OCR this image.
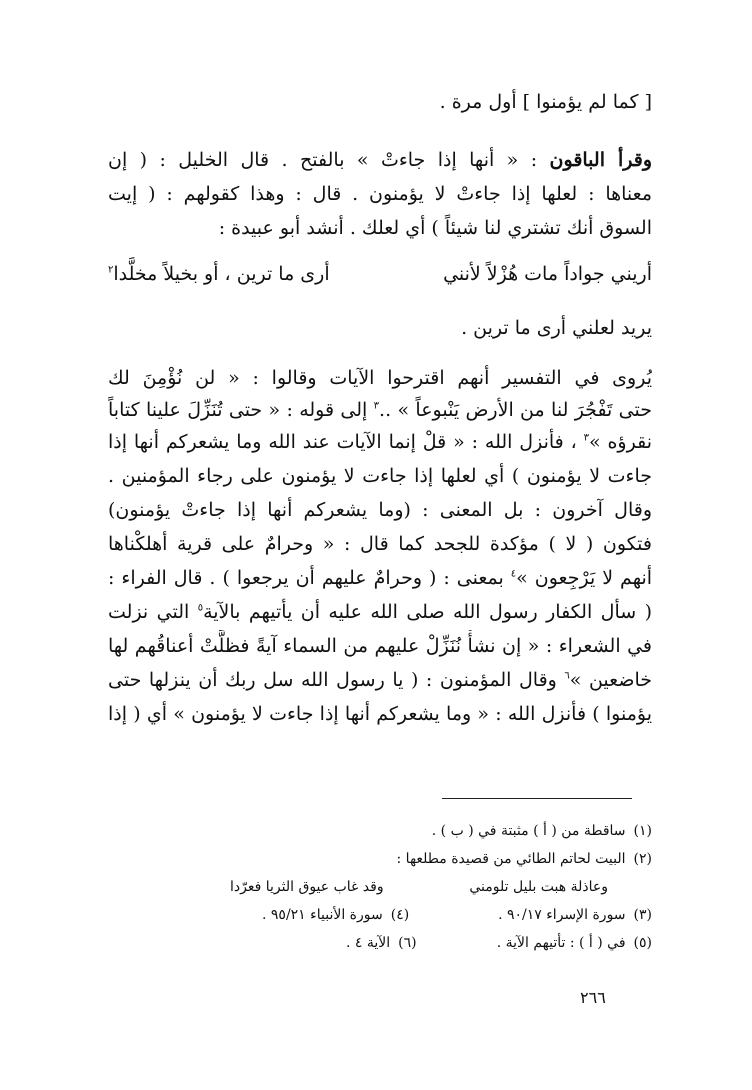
[ كما لم يؤمنوا ] أول مرة .
وقرأ الباقون : « أنها إذا جاءتْ » بالفتح . قال الخليل : ( إن
معناها : لعلها إذا جاءتْ لا يؤمنون . قال : وهذا كقولهم : ( إيت
السوق أنك تشتري لنا شيئاً ) أي لعلك . أنشد أبو عبيدة :
أريني جواداً مات هُزْلاً لأنني
أرى ما ترين ، أو بخيلاً مخلَّدا$^٢$
يريد لعلني أرى ما ترين .
يُروى في التفسير أنهم اقترحوا الآيات وقالوا : « لن نُؤْمِنَ لك
حتى تَفْجُرَ لنا من الأرض يَنْبوعاً » ..$^٣$ إلى قوله : « حتى تُنَزِّلَ علينا كتاباً
نقرؤه »$^٣$ ، فأنزل الله : « قلْ إنما الآيات عند الله وما يشعركم أنها إذا
جاءت لا يؤمنون ) أي لعلها إذا جاءت لا يؤمنون على رجاء المؤمنين .
وقال آخرون : بل المعنى : (وما يشعركم أنها إذا جاءتْ يؤمنون)
فتكون ( لا ) مؤكدة للجحد كما قال : « وحرامٌ على قرية أهلكْناها
أنهم لا يَرْجِعون »$^٤$ بمعنى : ( وحرامٌ عليهم أن يرجعوا ) . قال الفراء :
( سأل الكفار رسول الله صلى الله عليه أن يأتيهم بالآية$^٥$ التي نزلت
في الشعراء : « إن نشأْ نُنَزِّلْ عليهم من السماء آيةً فظلَّتْ أعناقُهم لها
خاضعين »$^٦$ وقال المؤمنون : ( يا رسول الله سل ربك أن ينزلها حتى
يؤمنوا ) فأنزل الله : « وما يشعركم أنها إذا جاءت لا يؤمنون » أي ( إذا
(١)ساقطة من ( أ ) مثبتة في ( ب ) .
(٢)البيت لحاتم الطائي من قصيدة مطلعها :
وعاذلة هبت بليل تلومني
وقد غاب عيوق الثريا فعرّدا
(٣)سورة الإسراء ٩٠/١٧ .
(٤)سورة الأنبياء ٩٥/٢١ .
(٥)في ( أ ) : تأتيهم الآية .
(٦)الآية ٤ .
٢٦٦
